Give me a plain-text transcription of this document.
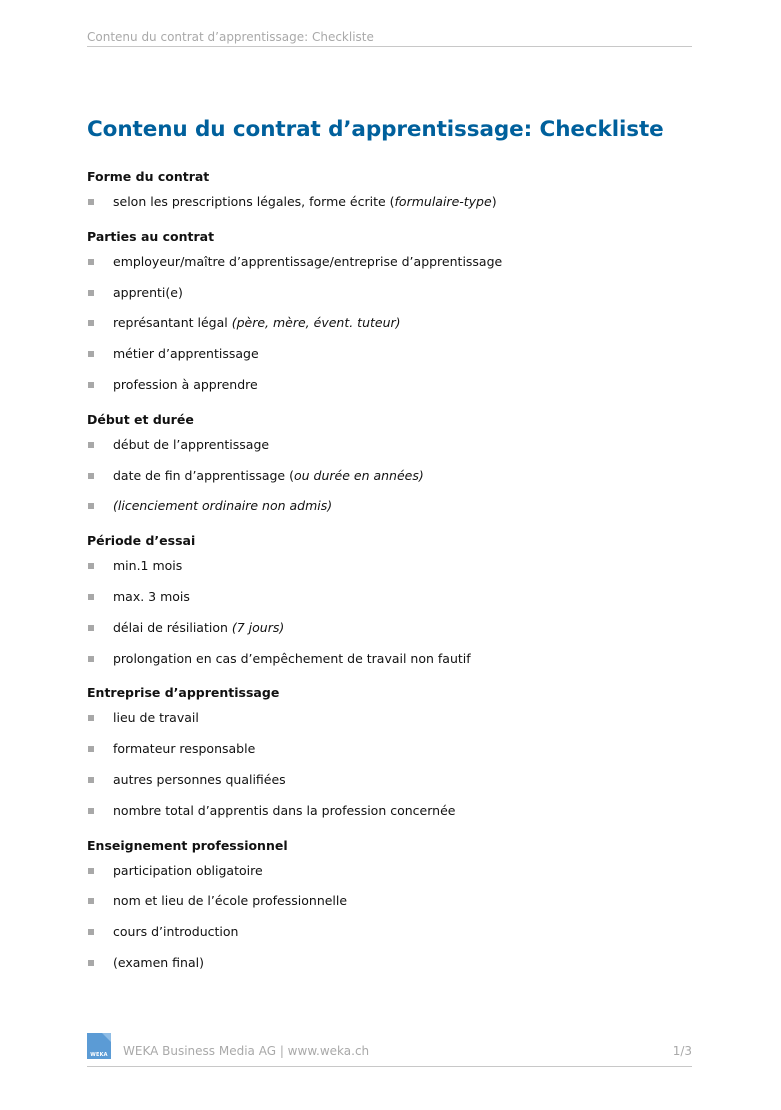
Contenu du contrat d’apprentissage: Checkliste
Contenu du contrat d’apprentissage: Checkliste
Forme du contrat
selon les prescriptions légales, forme écrite (formulaire-type)
Parties au contrat
employeur/maître d’apprentissage/entreprise d’apprentissage
apprenti(e)
représantant légal (père, mère, évent. tuteur)
métier d’apprentissage
profession à apprendre
Début et durée
début de l’apprentissage
date de fin d’apprentissage (ou durée en années)
(licenciement ordinaire non admis)
Période d’essai
min.1 mois
max. 3 mois
délai de résiliation (7 jours)
prolongation en cas d’empêchement de travail non fautif
Entreprise d’apprentissage
lieu de travail
formateur responsable
autres personnes qualifiées
nombre total d’apprentis dans la profession concernée
Enseignement professionnel
participation obligatoire
nom et lieu de l’école professionnelle
cours d’introduction
(examen final)
WEKA WEKA Business Media AG | www.weka.ch	1/3
